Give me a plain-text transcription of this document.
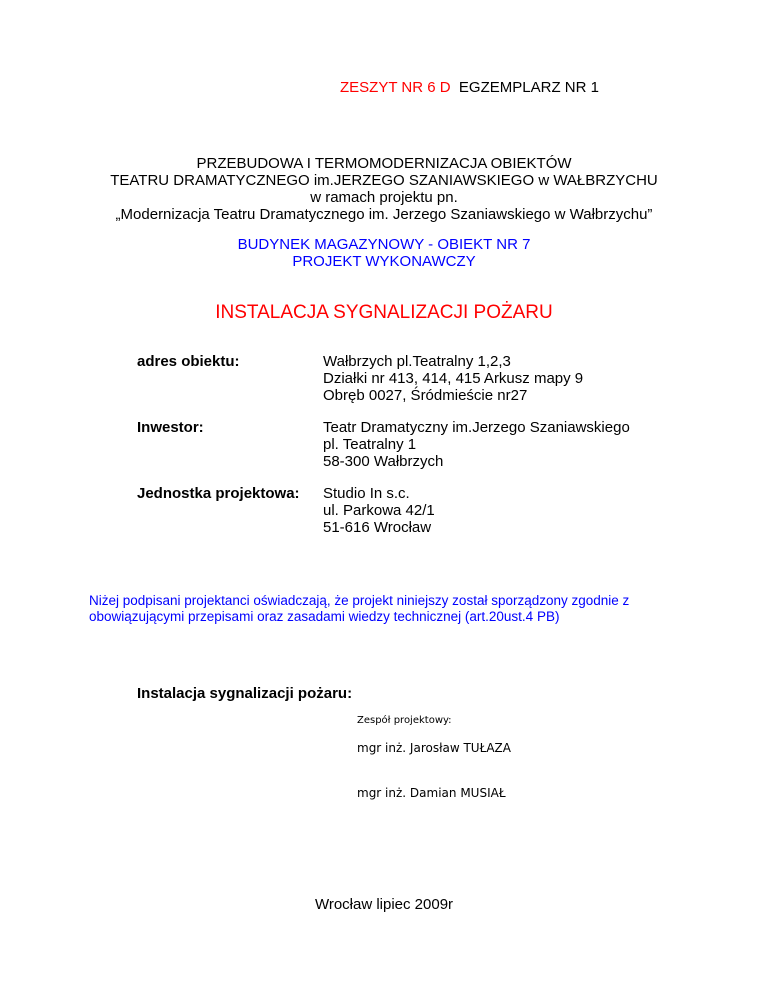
ZESZYT NR 6 D EGZEMPLARZ NR 1
PRZEBUDOWA I TERMOMODERNIZACJA OBIEKTÓW
TEATRU DRAMATYCZNEGO im.JERZEGO SZANIAWSKIEGO w WAŁBRZYCHU
w ramach projektu pn.
„Modernizacja Teatru Dramatycznego im. Jerzego Szaniawskiego w Wałbrzychu”
BUDYNEK MAGAZYNOWY - OBIEKT NR 7
PROJEKT WYKONAWCZY
INSTALACJA SYGNALIZACJI POŻARU
adres obiektu:	Wałbrzych pl.Teatralny 1,2,3
Działki nr 413, 414, 415 Arkusz mapy 9
Obręb 0027, Śródmieście nr27
Inwestor:	Teatr Dramatyczny im.Jerzego Szaniawskiego
pl. Teatralny 1
58-300 Wałbrzych
Jednostka projektowa: Studio In s.c.
ul. Parkowa 42/1
51-616 Wrocław
Niżej podpisani projektanci oświadczają, że projekt niniejszy został sporządzony zgodnie z
obowiązującymi przepisami oraz zasadami wiedzy technicznej (art.20ust.4 PB)
Instalacja sygnalizacji pożaru:
Zespół projektowy:
mgr inż. Jarosław TUŁAZA
mgr inż. Damian MUSIAŁ
Wrocław lipiec 2009r
